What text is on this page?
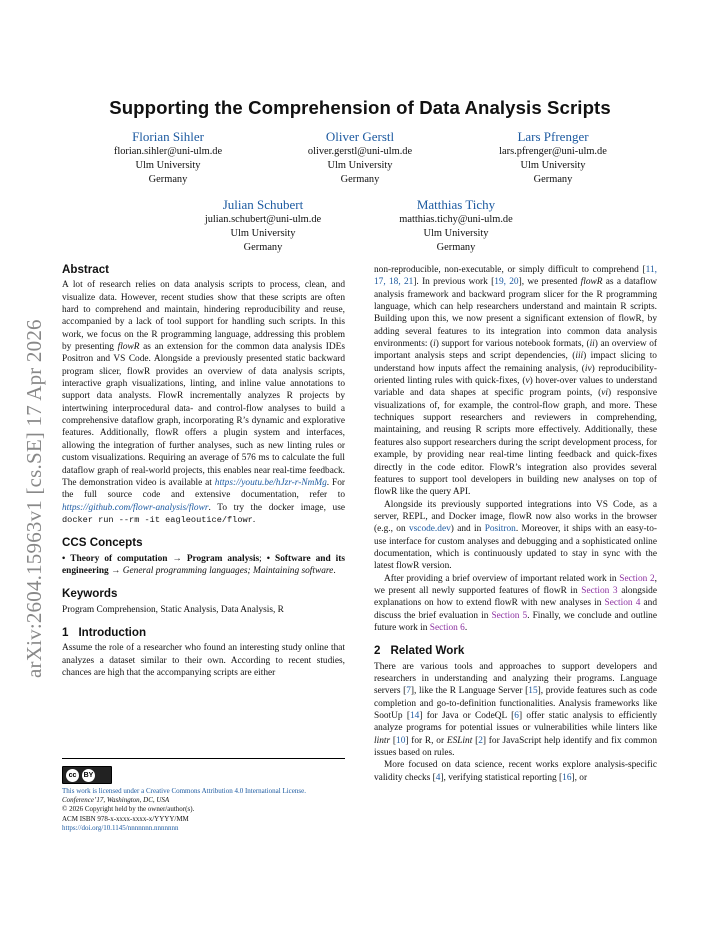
arXiv:2604.15963v1 [cs.SE] 17 Apr 2026
Supporting the Comprehension of Data Analysis Scripts
Florian Sihler
florian.sihler@uni-ulm.de
Ulm University
Germany
Oliver Gerstl
oliver.gerstl@uni-ulm.de
Ulm University
Germany
Lars Pfrenger
lars.pfrenger@uni-ulm.de
Ulm University
Germany
Julian Schubert
julian.schubert@uni-ulm.de
Ulm University
Germany
Matthias Tichy
matthias.tichy@uni-ulm.de
Ulm University
Germany
Abstract

A lot of research relies on data analysis scripts to process, clean, and visualize data. However, recent studies show that these scripts are often hard to comprehend and maintain, hindering reproducibility and reuse, accompanied by a lack of tool support for handling such scripts. In this work, we focus on the R programming language, addressing this problem by presenting flowR as an extension for the common data analysis IDEs Positron and VS Code. Alongside a previously presented static backward program slicer, flowR provides an overview of data analysis scripts, interactive graph visualizations, linting, and inline value annotations to support data analysts. FlowR incrementally analyzes R projects by intertwining interprocedural data- and control-flow analyses to build a comprehensive dataflow graph, incorporating R’s dynamic and explorative features. Additionally, flowR offers a plugin system and interfaces, allowing the integration of further analyses, such as new linting rules or custom visualizations. Requiring an average of 576 ms to calculate the full dataflow graph of real-world projects, this enables near real-time feedback. The demonstration video is available at https://youtu.be/hJzr-r-NmMg. For the full source code and extensive documentation, refer to https://github.com/flowr-analysis/flowr. To try the docker image, use docker run --rm -it eagleoutice/flowr.

CCS Concepts

• Theory of computation → Program analysis; • Software and its engineering → General programming languages; Maintaining software.

Keywords

Program Comprehension, Static Analysis, Data Analysis, R

1 Introduction

Assume the role of a researcher who found an interesting study online that analyzes a dataset similar to their own. According to recent studies, chances are high that the accompanying scripts are either

cc	BY
This work is licensed under a Creative Commons Attribution 4.0 International License.
Conference’17, Washington, DC, USA
© 2026 Copyright held by the owner/author(s).
ACM ISBN 978-x-xxxx-xxxx-x/YYYY/MM
https://doi.org/10.1145/nnnnnnn.nnnnnnn

non-reproducible, non-executable, or simply difficult to comprehend [11, 17, 18, 21]. In previous work [19, 20], we presented flowR as a dataflow analysis framework and backward program slicer for the R programming language, which can help researchers understand and maintain R scripts. Building upon this, we now present a significant extension of flowR, by adding several features to its integration into common data analysis environments: (i) support for various notebook formats, (ii) an overview of important analysis steps and script dependencies, (iii) impact slicing to understand how inputs affect the remaining analysis, (iv) reproducibility-oriented linting rules with quick-fixes, (v) hover-over values to understand variable and data shapes at specific program points, (vi) responsive visualizations of, for example, the control-flow graph, and more. These techniques support researchers and reviewers in comprehending, maintaining, and reusing R scripts more effectively. Additionally, these features also support researchers during the script development process, for example, by providing near real-time linting feedback and quick-fixes directly in the code editor. FlowR’s integration also provides several features to support tool developers in building new analyses on top of flowR like the query API.

Alongside its previously supported integrations into VS Code, as a server, REPL, and Docker image, flowR now also works in the browser (e.g., on vscode.dev) and in Positron. Moreover, it ships with an easy-to-use interface for custom analyses and debugging and a sophisticated online documentation, which is continuously updated to stay in sync with the latest flowR version.

After providing a brief overview of important related work in Section 2, we present all newly supported features of flowR in Section 3 alongside explanations on how to extend flowR with new analyses in Section 4 and discuss the brief evaluation in Section 5. Finally, we conclude and outline future work in Section 6.

2 Related Work

There are various tools and approaches to support developers and researchers in understanding and analyzing their programs. Language servers [7], like the R Language Server [15], provide features such as code completion and go-to-definition functionalities. Analysis frameworks like SootUp [14] for Java or CodeQL [6] offer static analysis to efficiently analyze programs for potential issues or vulnerabilities while linters like lintr [10] for R, or ESLint [2] for JavaScript help identify and fix common issues based on rules.

More focused on data science, recent works explore analysis-specific validity checks [4], verifying statistical reporting [16], or
